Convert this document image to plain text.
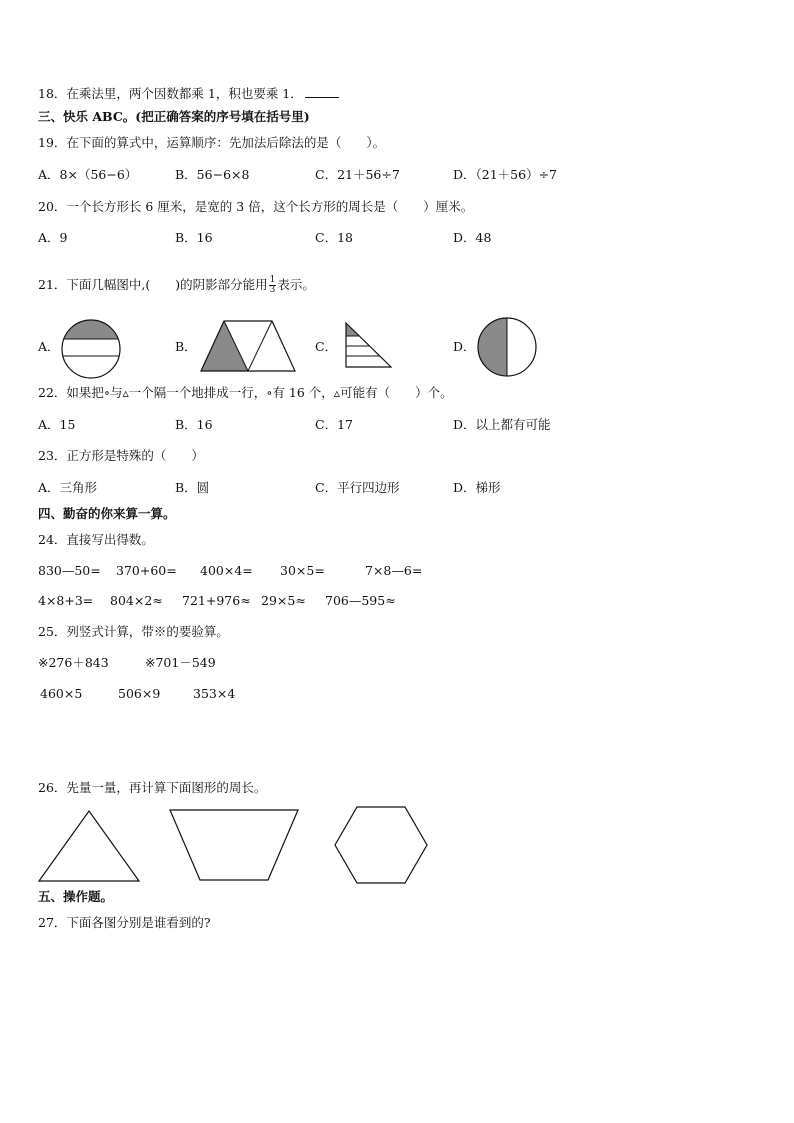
18．在乘法里，两个因数都乘 1，积也要乘 1．
三、快乐 ABC。(把正确答案的序号填在括号里)
19．在下面的算式中，运算顺序：先加法后除法的是（　　）。
A．8×（56−6）	B．56−6×8	C．21＋56÷7	D．（21＋56）÷7
20．一个长方形长 6 厘米，是宽的 3 倍，这个长方形的周长是（　　）厘米。
A．9	B．16	C．18	D．48
21．下面几幅图中,(　　)的阴影部分能用 $\frac{1}{3}$ 表示。
A．	B．	C．	D．
22．如果把∘与▵一个隔一个地排成一行，∘有 16 个，▵可能有（　　）个。
A．15	B．16	C．17	D．以上都有可能
23．正方形是特殊的（　　）
A．三角形	B．圆	C．平行四边形	D．梯形
四、勤奋的你来算一算。
24．直接写出得数。
830—50= 370+60= 400×4= 30×5=	7×8—6=
4×8+3= 804×2≈ 721+976≈ 29×5≈ 706—595≈
25．列竖式计算，带※的要验算。
※276＋843	※701－549
460×5	506×9	353×4
26．先量一量，再计算下面图形的周长。
五、操作题。
27．下面各图分别是谁看到的?
